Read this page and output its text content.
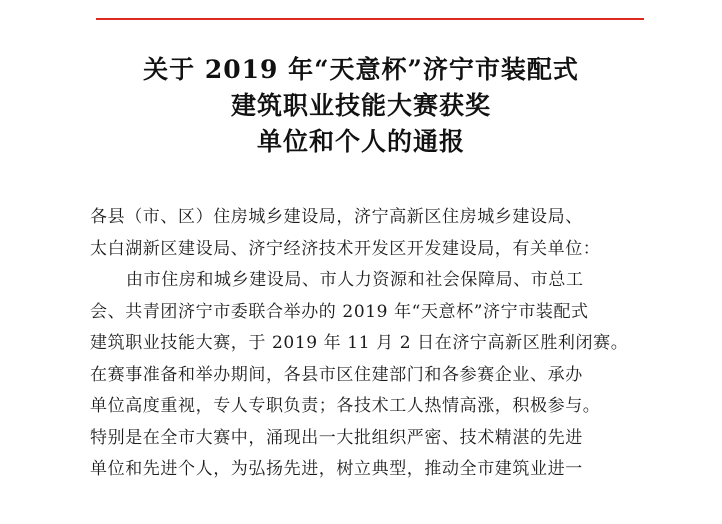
关于 2019 年“天意杯”济宁市装配式
建筑职业技能大赛获奖
单位和个人的通报
各县（市、区）住房城乡建设局，济宁高新区住房城乡建设局、
太白湖新区建设局、济宁经济技术开发区开发建设局，有关单位：
由市住房和城乡建设局、市人力资源和社会保障局、市总工
会、共青团济宁市委联合举办的 2019 年“天意杯”济宁市装配式
建筑职业技能大赛，于 2019 年 11 月 2 日在济宁高新区胜利闭赛。
在赛事准备和举办期间，各县市区住建部门和各参赛企业、承办
单位高度重视，专人专职负责；各技术工人热情高涨，积极参与。
特别是在全市大赛中，涌现出一大批组织严密、技术精湛的先进
单位和先进个人，为弘扬先进，树立典型，推动全市建筑业进一
